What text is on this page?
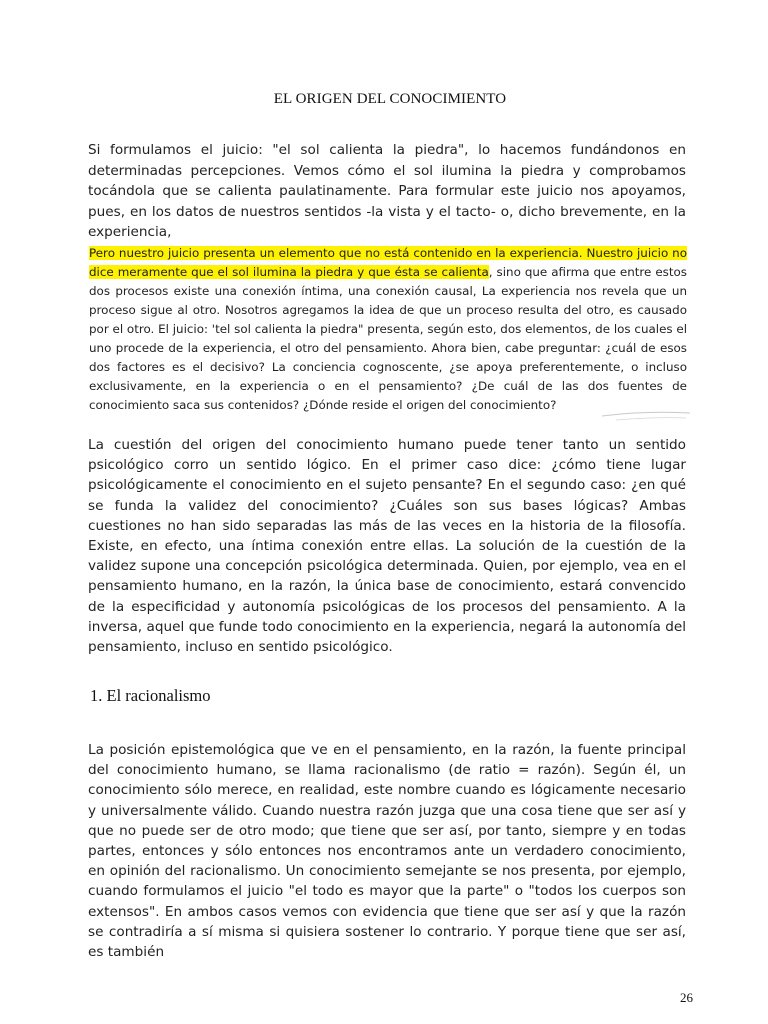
EL ORIGEN DEL CONOCIMIENTO

Si formulamos el juicio: "el sol calienta la piedra", lo hacemos fundándonos en determinadas percepciones. Vemos cómo el sol ilumina la piedra y comprobamos tocándola que se calienta paulatinamente. Para formular este juicio nos apoyamos, pues, en los datos de nuestros sentidos -la vista y el tacto- o, dicho brevemente, en la experiencia,

Pero nuestro juicio presenta un elemento que no está contenido en la experiencia. Nuestro juicio no dice meramente que el sol ilumina la piedra y que ésta se calienta, sino que afirma que entre estos dos procesos existe una conexión íntima, una conexión causal, La experiencia nos revela que un proceso sigue al otro. Nosotros agregamos la idea de que un proceso resulta del otro, es causado por el otro. El juicio: 'tel sol calienta la piedra" presenta, según esto, dos elementos, de los cuales el uno procede de la experiencia, el otro del pensamiento. Ahora bien, cabe preguntar: ¿cuál de esos dos factores es el decisivo? La conciencia cognoscente, ¿se apoya preferentemente, o incluso exclusivamente, en la experiencia o en el pensamiento? ¿De cuál de las dos fuentes de conocimiento saca sus contenidos? ¿Dónde reside el origen del conocimiento?

La cuestión del origen del conocimiento humano puede tener tanto un sentido psicológico corro un sentido lógico. En el primer caso dice: ¿cómo tiene lugar psicológicamente el conocimiento en el sujeto pensante? En el segundo caso: ¿en qué se funda la validez del conocimiento? ¿Cuáles son sus bases lógicas? Ambas cuestiones no han sido separadas las más de las veces en la historia de la filosofía. Existe, en efecto, una íntima conexión entre ellas. La solución de la cuestión de la validez supone una concepción psicológica determinada. Quien, por ejemplo, vea en el pensamiento humano, en la razón, la única base de conocimiento, estará convencido de la especificidad y autonomía psicológicas de los procesos del pensamiento. A la inversa, aquel que funde todo conocimiento en la experiencia, negará la autonomía del pensamiento, incluso en sentido psicológico.

1. El racionalismo

La posición epistemológica que ve en el pensamiento, en la razón, la fuente principal del conocimiento humano, se llama racionalismo (de ratio = razón). Según él, un conocimiento sólo merece, en realidad, este nombre cuando es lógicamente necesario y universalmente válido. Cuando nuestra razón juzga que una cosa tiene que ser así y que no puede ser de otro modo; que tiene que ser así, por tanto, siempre y en todas partes, entonces y sólo entonces nos encontramos ante un verdadero conocimiento, en opinión del racionalismo. Un conocimiento semejante se nos presenta, por ejemplo, cuando formulamos el juicio "el todo es mayor que la parte" o "todos los cuerpos son extensos". En ambos casos vemos con evidencia que tiene que ser así y que la razón se contradiría a sí misma si quisiera sostener lo contrario. Y porque tiene que ser así, es también

26
